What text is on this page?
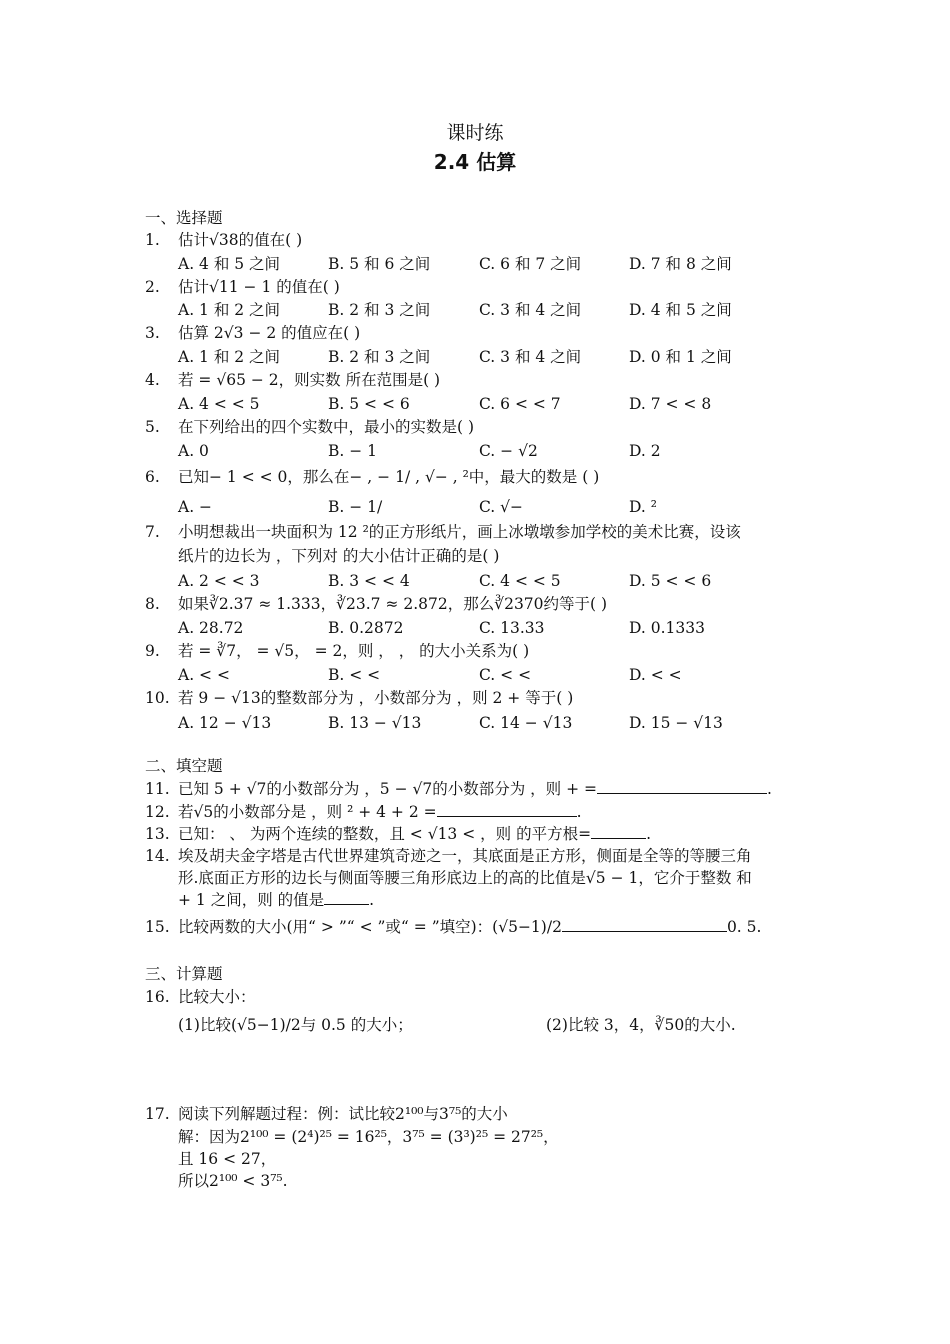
课时练
2.4 估算
一、选择题
二、填空题
三、计算题
1. 估计√38的值在( )
A. 4 和 5 之间	B. 5 和 6 之间	C. 6 和 7 之间	D. 7 和 8 之间
2. 估计√11 − 1 的值在( )
A. 1 和 2 之间	B. 2 和 3 之间	C. 3 和 4 之间	D. 4 和 5 之间
3. 估算 2√3 − 2 的值应在( )
A. 1 和 2 之间	B. 2 和 3 之间	C. 3 和 4 之间	D. 0 和 1 之间
4. 若 = √65 − 2，则实数 所在范围是( )
A. 4 < < 5	B. 5 < < 6	C. 6 < < 7	D. 7 < < 8
5. 在下列给出的四个实数中，最小的实数是( )
A. 0	B. − 1	C. − √2	D. 2
6. 已知− 1 < < 0，那么在− , − 1/ , √− , ²中，最大的数是 ( )
A. −	B. − 1/	C. √−	D. ²
7. 小明想裁出一块面积为 12 ²的正方形纸片，画上冰墩墩参加学校的美术比赛，设该
纸片的边长为 ，下列对 的大小估计正确的是( )
A. 2 < < 3	B. 3 < < 4	C. 4 < < 5	D. 5 < < 6
8. 如果∛2.37 ≈ 1.333，∛23.7 ≈ 2.872，那么∛2370约等于( )
A. 28.72	B. 0.2872	C. 13.33	D. 0.1333
9. 若 = ∛7， = √5， = 2，则 ， ， 的大小关系为( )
A. < <	B. < <	C. < <	D. < <
10. 若 9 − √13的整数部分为 ，小数部分为 ，则 2 + 等于( )
A. 12 − √13	B. 13 − √13	C. 14 − √13	D. 15 − √13
11. 已知 5 + √7的小数部分为 ，5 − √7的小数部分为 ，则 + =	.
12. 若√5的小数部分是 ，则 ² + 4 + 2 =	.
13. 已知： 、 为两个连续的整数，且 < √13 < ，则 的平方根=	.
14. 埃及胡夫金字塔是古代世界建筑奇迹之一，其底面是正方形，侧面是全等的等腰三角
形.底面正方形的边长与侧面等腰三角形底边上的高的比值是√5 − 1，它介于整数 和
+ 1 之间，则 的值是	.
15. 比较两数的大小(用“ > ”“ < ”或“ = ”填空)：(√5−1)/2	0. 5.
16. 比较大小：
(1)比较(√5−1)/2与 0.5 的大小；	(2)比较 3，4，∛50的大小.
17. 阅读下列解题过程：例：试比较2¹⁰⁰与3⁷⁵的大小
解：因为2¹⁰⁰ = (2⁴)²⁵ = 16²⁵，3⁷⁵ = (3³)²⁵ = 27²⁵，
且 16 < 27，
所以2¹⁰⁰ < 3⁷⁵.
